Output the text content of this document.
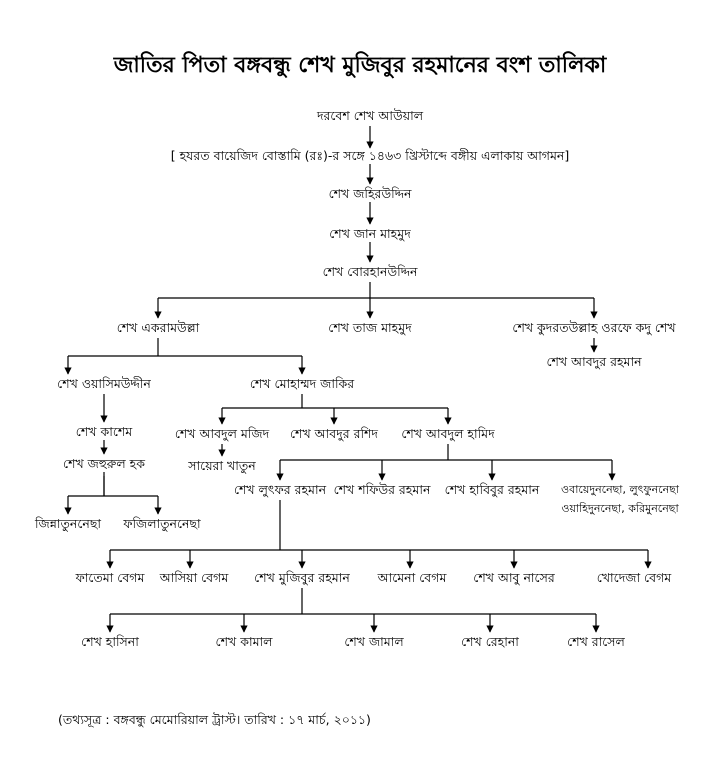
জাতির পিতা বঙ্গবন্ধু শেখ মুজিবুর রহমানের বংশ তালিকা
দরবেশ শেখ আউয়াল
[ হযরত বায়েজিদ বোস্তামি (রঃ)-র সঙ্গে ১৪৬৩ খ্রিস্টাব্দে বঙ্গীয় এলাকায় আগমন]
শেখ জহিরউদ্দিন
শেখ জান মাহমুদ
শেখ বোরহানউদ্দিন
শেখ একরামউল্লা	শেখ তাজ মাহমুদ	শেখ কুদরতউল্লাহ ওরফে কদু শেখ
শেখ আবদুর রহমান
শেখ ওয়াসিমউদ্দীন	শেখ মোহাম্মদ জাকির
শেখ কাশেম
শেখ জহুরুল হক
শেখ আবদুল মজিদ শেখ আবদুর রশিদ শেখ আবদুল হামিদ
সায়েরা খাতুন
জিন্নাতুননেছা ফজিলাতুননেছা
শেখ লুৎফর রহমান শেখ শফিউর রহমান শেখ হাবিবুর রহমান ওবায়েদুননেছা, লুৎফুননেছা
ওয়াহিদুননেছা, করিমুননেছা
ফাতেমা বেগম আসিয়া বেগম শেখ মুজিবুর রহমান আমেনা বেগম শেখ আবু নাসের	খোদেজা বেগম
শেখ হাসিনা	শেখ কামাল	শেখ জামাল	শেখ রেহানা	শেখ রাসেল
(তথ্যসূত্র : বঙ্গবন্ধু মেমোরিয়াল ট্রাস্ট। তারিখ : ১৭ মার্চ, ২০১১)
